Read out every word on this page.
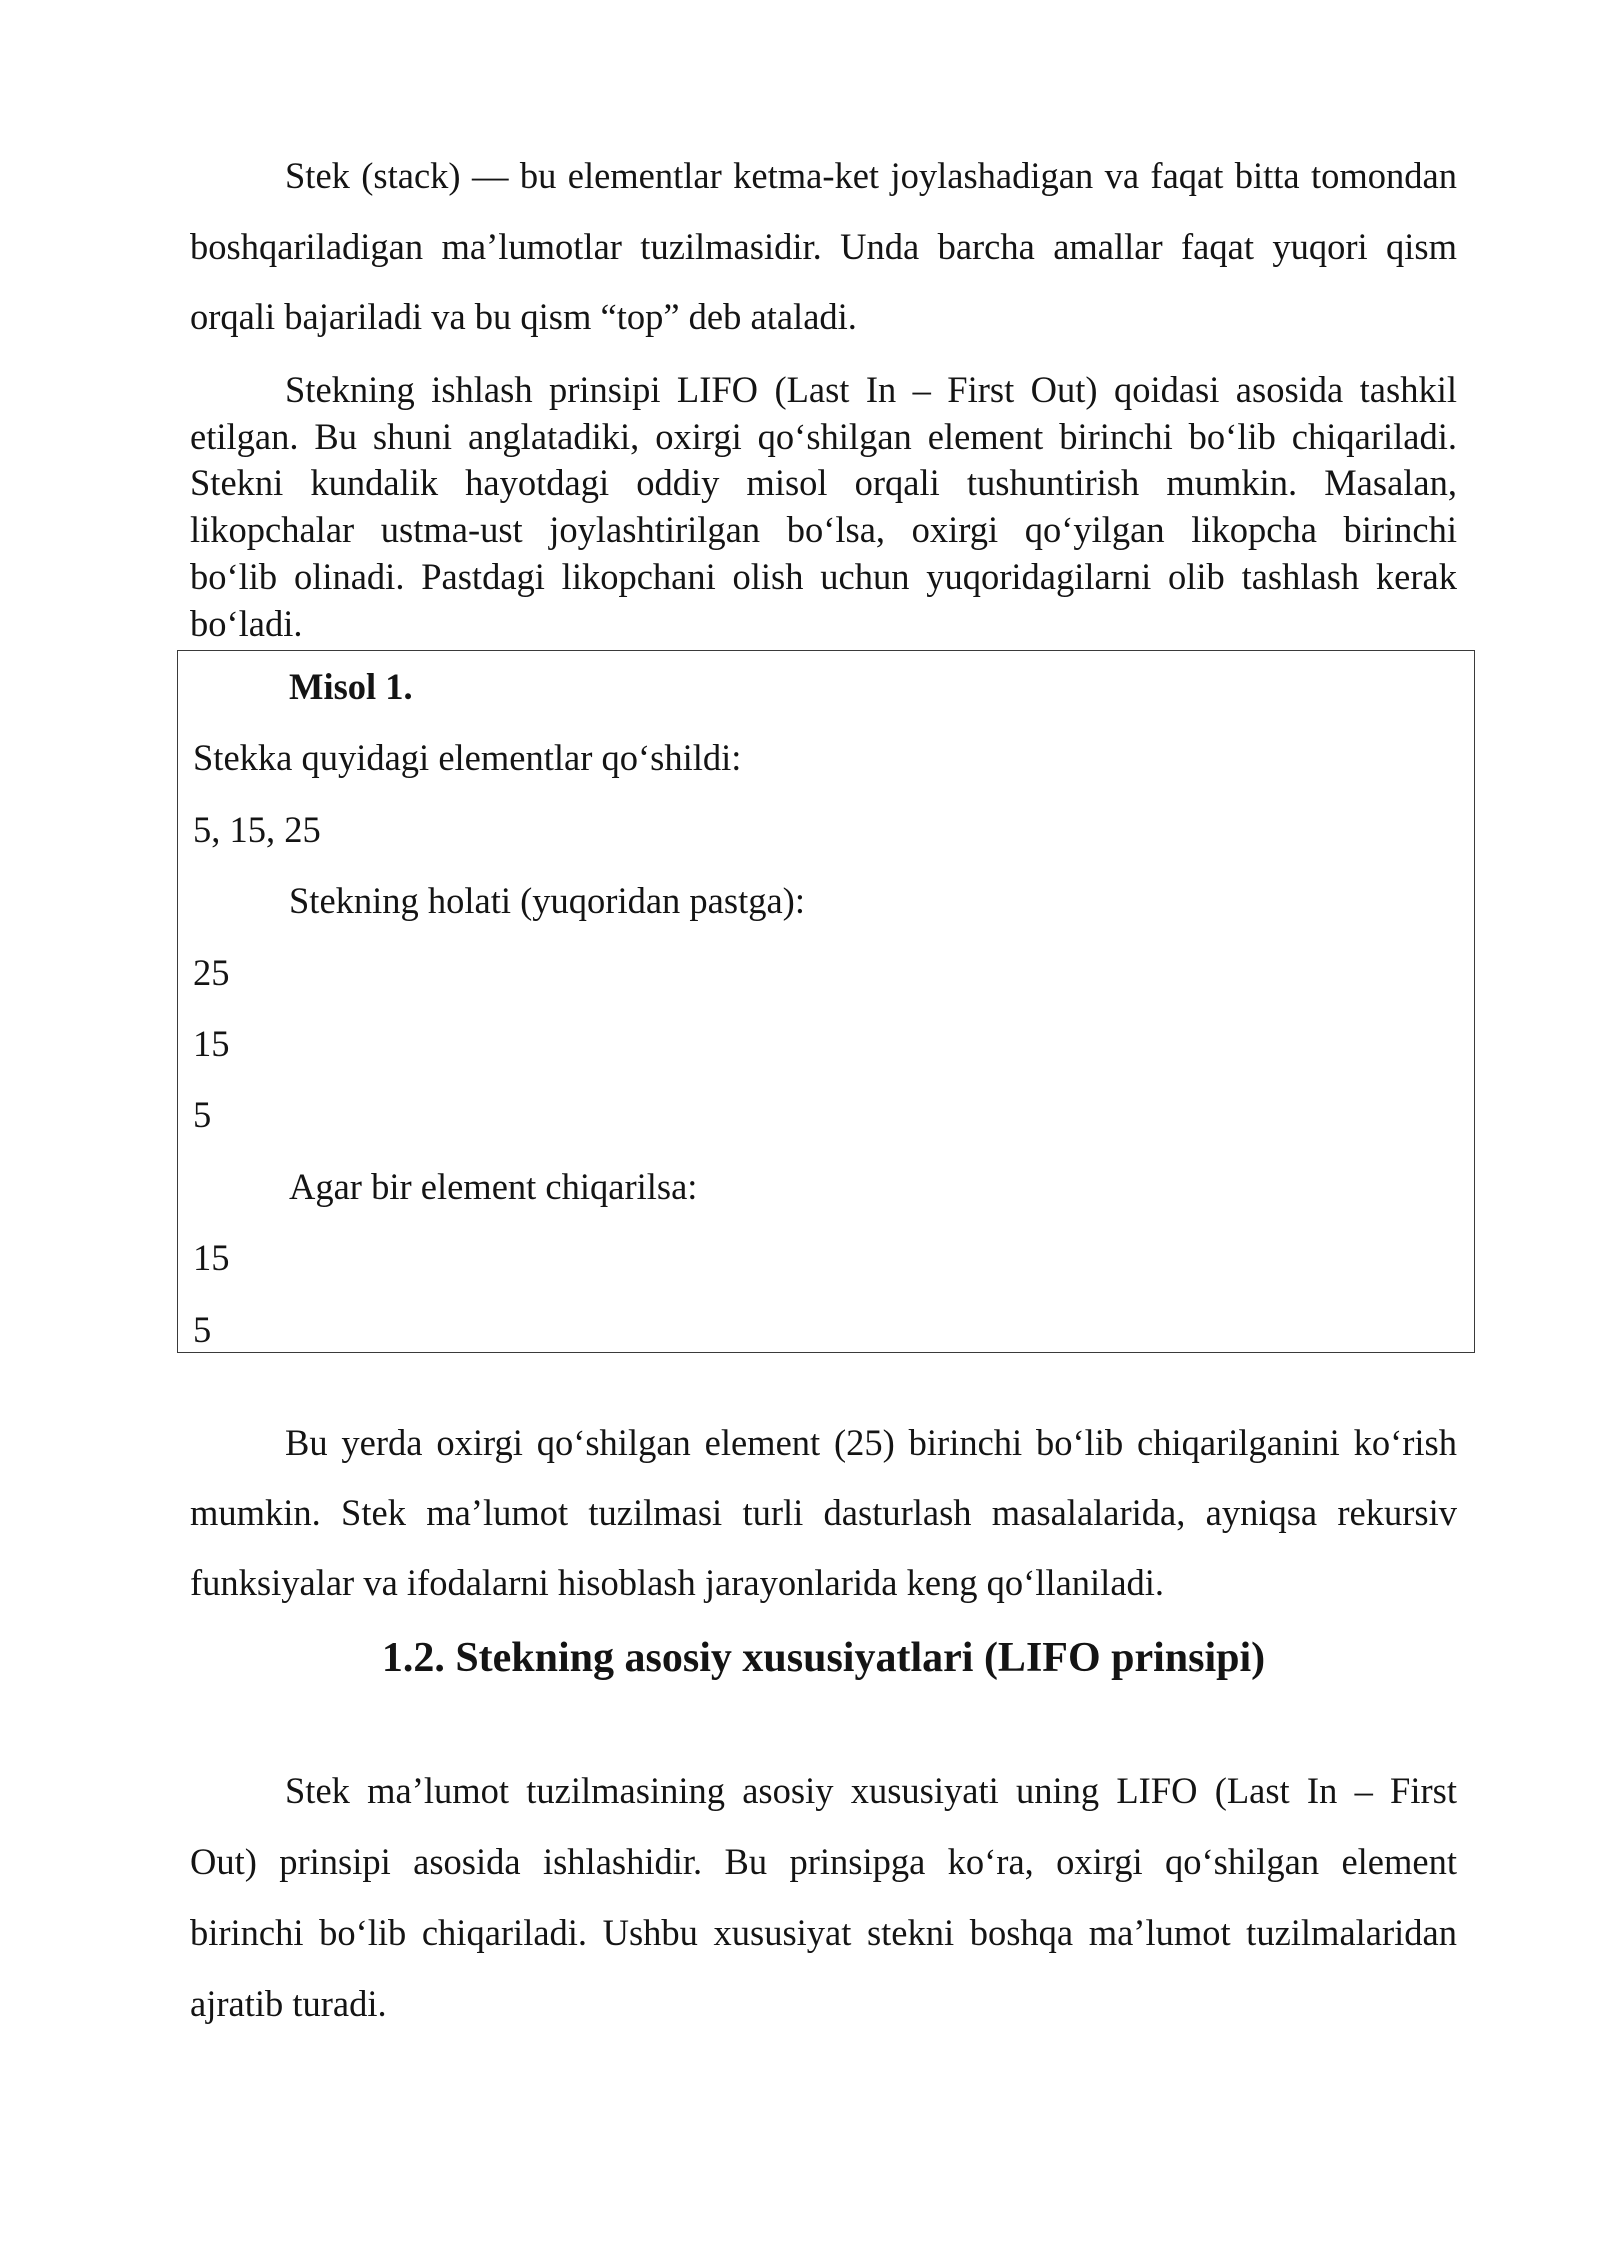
Stek (stack) — bu elementlar ketma-ket joylashadigan va faqat bitta tomondan
boshqariladigan ma’lumotlar tuzilmasidir. Unda barcha amallar faqat yuqori qism
orqali bajariladi va bu qism “top” deb ataladi.
Stekning ishlash prinsipi LIFO (Last In – First Out) qoidasi asosida tashkil
etilgan. Bu shuni anglatadiki, oxirgi qo‘shilgan element birinchi bo‘lib chiqariladi.
Stekni kundalik hayotdagi oddiy misol orqali tushuntirish mumkin. Masalan,
likopchalar ustma-ust joylashtirilgan bo‘lsa, oxirgi qo‘yilgan likopcha birinchi
bo‘lib olinadi. Pastdagi likopchani olish uchun yuqoridagilarni olib tashlash kerak
bo‘ladi.
Misol 1.
Stekka quyidagi elementlar qo‘shildi:
5, 15, 25
Stekning holati (yuqoridan pastga):
25
15
5
Agar bir element chiqarilsa:
15
5
Bu yerda oxirgi qo‘shilgan element (25) birinchi bo‘lib chiqarilganini ko‘rish
mumkin. Stek ma’lumot tuzilmasi turli dasturlash masalalarida, ayniqsa rekursiv
funksiyalar va ifodalarni hisoblash jarayonlarida keng qo‘llaniladi.
1.2. Stekning asosiy xususiyatlari (LIFO prinsipi)
Stek ma’lumot tuzilmasining asosiy xususiyati uning LIFO (Last In – First
Out) prinsipi asosida ishlashidir. Bu prinsipga ko‘ra, oxirgi qo‘shilgan element
birinchi bo‘lib chiqariladi. Ushbu xususiyat stekni boshqa ma’lumot tuzilmalaridan
ajratib turadi.
